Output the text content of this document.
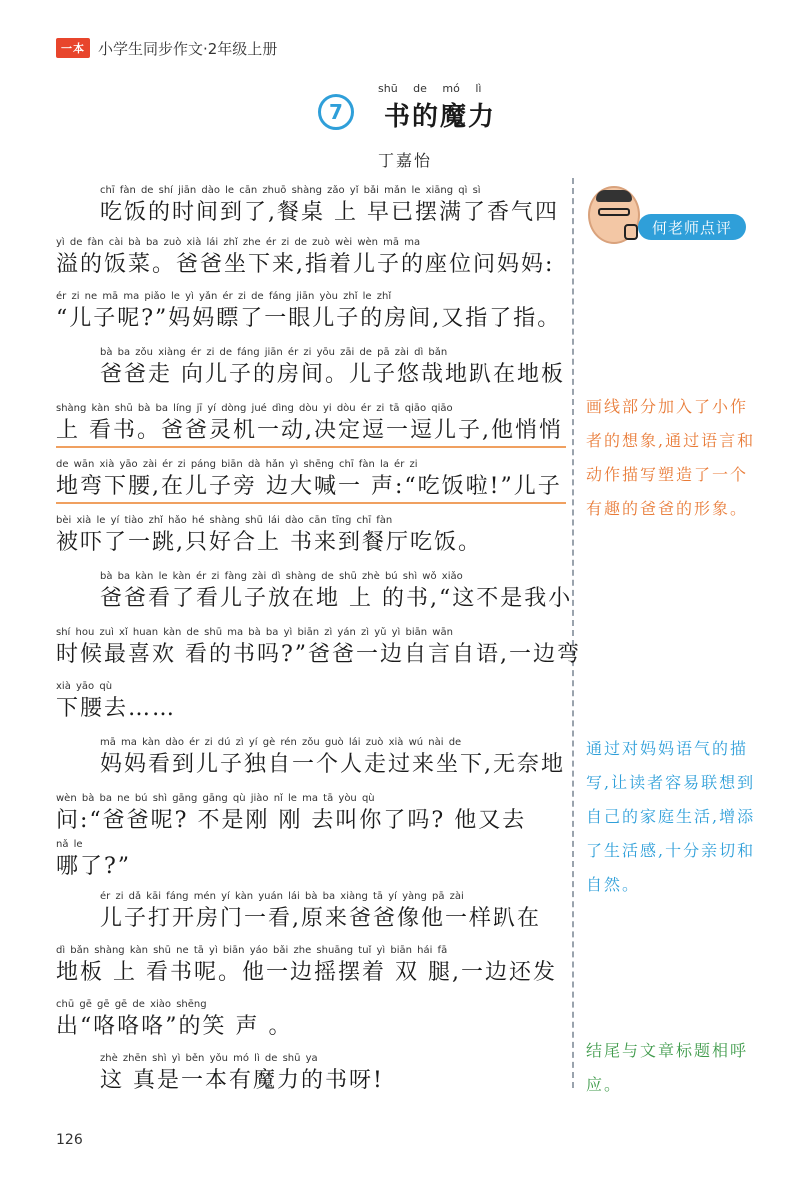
一本 小学生同步作文·2年级上册
7
shū de mó lì
书的魔力
丁嘉怡
chī fàn de shí jiān dào le cān zhuō shàng zǎo yǐ bǎi mǎn le xiāng qì sì
吃饭的时间到了,餐桌 上 早已摆满了香气四
yì de fàn cài bà ba zuò xià lái zhǐ zhe ér zi de zuò wèi wèn mā ma
溢的饭菜。爸爸坐下来,指着儿子的座位问妈妈:
ér zi ne mā ma piǎo le yì yǎn ér zi de fáng jiān yòu zhǐ le zhǐ
“儿子呢?”妈妈瞟了一眼儿子的房间,又指了指。
bà ba zǒu xiàng ér zi de fáng jiān ér zi yōu zāi de pā zài dì bǎn
爸爸走 向儿子的房间。儿子悠哉地趴在地板
shàng kàn shū bà ba líng jī yí dòng jué dìng dòu yi dòu ér zi tā qiāo qiāo
上 看书。爸爸灵机一动,决定逗一逗儿子,他悄悄
de wān xià yāo zài ér zi páng biān dà hǎn yì shēng chī fàn la ér zi
地弯下腰,在儿子旁 边大喊一 声:“吃饭啦!”儿子
bèi xià le yí tiào zhǐ hǎo hé shàng shū lái dào cān tīng chī fàn
被吓了一跳,只好合上 书来到餐厅吃饭。
bà ba kàn le kàn ér zi fàng zài dì shàng de shū zhè bú shì wǒ xiǎo
爸爸看了看儿子放在地 上 的书,“这不是我小
shí hou zuì xǐ huan kàn de shū ma bà ba yì biān zì yán zì yǔ yì biān wān
时候最喜欢 看的书吗?”爸爸一边自言自语,一边弯
xià yāo qù
下腰去……
mā ma kàn dào ér zi dú zì yí gè rén zǒu guò lái zuò xià wú nài de
妈妈看到儿子独自一个人走过来坐下,无奈地
wèn bà ba ne bú shì gāng gāng qù jiào nǐ le ma tā yòu qù
问:“爸爸呢? 不是刚 刚 去叫你了吗? 他又去
nǎ le
哪了?”
ér zi dǎ kāi fáng mén yí kàn yuán lái bà ba xiàng tā yí yàng pā zài
儿子打开房门一看,原来爸爸像他一样趴在
dì bǎn shàng kàn shū ne tā yì biān yáo bǎi zhe shuāng tuǐ yì biān hái fā
地板 上 看书呢。他一边摇摆着 双 腿,一边还发
chū gē gē gē de xiào shēng
出“咯咯咯”的笑 声 。
zhè zhēn shì yì běn yǒu mó lì de shū ya
这 真是一本有魔力的书呀!
何老师点评
画线部分加入了小作者的想象,通过语言和动作描写塑造了一个有趣的爸爸的形象。
通过对妈妈语气的描写,让读者容易联想到自己的家庭生活,增添了生活感,十分亲切和自然。
结尾与文章标题相呼应。
126
